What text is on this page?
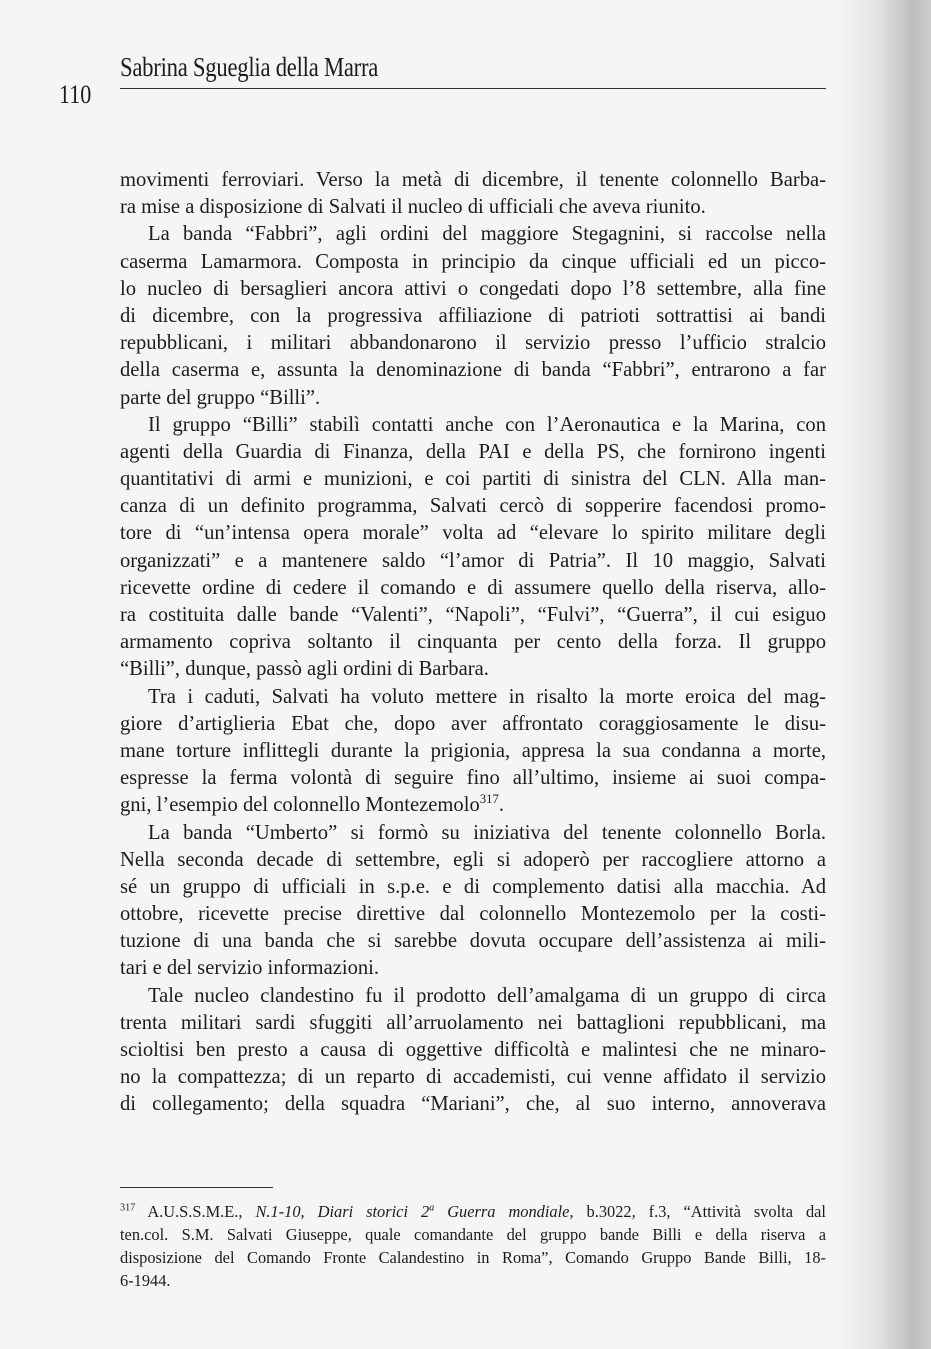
Sabrina Sgueglia della Marra
110
movimenti ferroviari. Verso la metà di dicembre, il tenente colonnello Barba-
ra mise a disposizione di Salvati il nucleo di ufficiali che aveva riunito.
La banda “Fabbri”, agli ordini del maggiore Stegagnini, si raccolse nella
caserma Lamarmora. Composta in principio da cinque ufficiali ed un picco-
lo nucleo di bersaglieri ancora attivi o congedati dopo l’8 settembre, alla fine
di dicembre, con la progressiva affiliazione di patrioti sottrattisi ai bandi
repubblicani, i militari abbandonarono il servizio presso l’ufficio stralcio
della caserma e, assunta la denominazione di banda “Fabbri”, entrarono a far
parte del gruppo “Billi”.
Il gruppo “Billi” stabilì contatti anche con l’Aeronautica e la Marina, con
agenti della Guardia di Finanza, della PAI e della PS, che fornirono ingenti
quantitativi di armi e munizioni, e coi partiti di sinistra del CLN. Alla man-
canza di un definito programma, Salvati cercò di sopperire facendosi promo-
tore di “un’intensa opera morale” volta ad “elevare lo spirito militare degli
organizzati” e a mantenere saldo “l’amor di Patria”. Il 10 maggio, Salvati
ricevette ordine di cedere il comando e di assumere quello della riserva, allo-
ra costituita dalle bande “Valenti”, “Napoli”, “Fulvi”, “Guerra”, il cui esiguo
armamento copriva soltanto il cinquanta per cento della forza. Il gruppo
“Billi”, dunque, passò agli ordini di Barbara.
Tra i caduti, Salvati ha voluto mettere in risalto la morte eroica del mag-
giore d’artiglieria Ebat che, dopo aver affrontato coraggiosamente le disu-
mane torture inflittegli durante la prigionia, appresa la sua condanna a morte,
espresse la ferma volontà di seguire fino all’ultimo, insieme ai suoi compa-
gni, l’esempio del colonnello Montezemolo$^{317}$.
La banda “Umberto” si formò su iniziativa del tenente colonnello Borla.
Nella seconda decade di settembre, egli si adoperò per raccogliere attorno a
sé un gruppo di ufficiali in s.p.e. e di complemento datisi alla macchia. Ad
ottobre, ricevette precise direttive dal colonnello Montezemolo per la costi-
tuzione di una banda che si sarebbe dovuta occupare dell’assistenza ai mili-
tari e del servizio informazioni.
Tale nucleo clandestino fu il prodotto dell’amalgama di un gruppo di circa
trenta militari sardi sfuggiti all’arruolamento nei battaglioni repubblicani, ma
scioltisi ben presto a causa di oggettive difficoltà e malintesi che ne minaro-
no la compattezza; di un reparto di accademisti, cui venne affidato il servizio
di collegamento; della squadra “Mariani”, che, al suo interno, annoverava
$^{317}$ A.U.S.S.M.E., N.1-10, Diari storici 2$^a$ Guerra mondiale, b.3022, f.3, “Attività svolta dal
ten.col. S.M. Salvati Giuseppe, quale comandante del gruppo bande Billi e della riserva a
disposizione del Comando Fronte Calandestino in Roma”, Comando Gruppo Bande Billi, 18-
6-1944.
